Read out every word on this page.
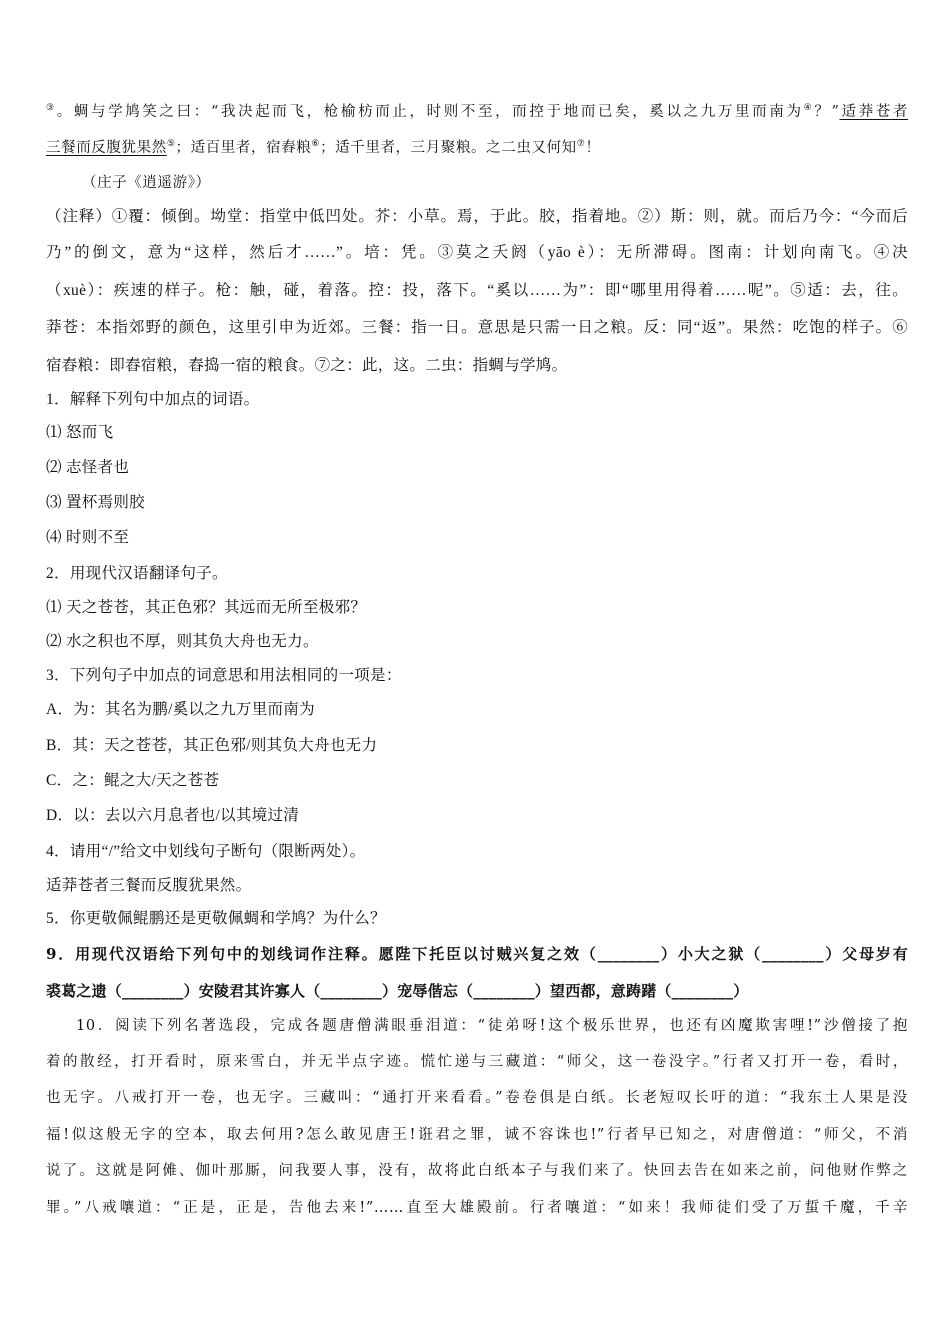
③。蜩与学鸠笑之曰：“我决起而飞，枪榆枋而止，时则不至，而控于地而已矣，奚以之九万里而南为④？”适莽苍者
三餐而反腹犹果然⑤；适百里者，宿舂粮⑥；适千里者，三月聚粮。之二虫又何知⑦！
（庄子《逍遥游》）
（注释）①覆：倾倒。坳堂：指堂中低凹处。芥：小草。焉，于此。胶，指着地。②）斯：则，就。而后乃今：“今而后
乃”的倒文，意为“这样，然后才……”。培：凭。③莫之夭阏（yāo è）：无所滞碍。图南：计划向南飞。④决
（xuè）：疾速的样子。枪：触，碰，着落。控：投，落下。“奚以……为”：即“哪里用得着……呢”。⑤适：去，往。
莽苍：本指郊野的颜色，这里引申为近郊。三餐：指一日。意思是只需一日之粮。反：同“返”。果然：吃饱的样子。⑥
宿舂粮：即舂宿粮，舂捣一宿的粮食。⑦之：此，这。二虫：指蜩与学鸠。
1．解释下列句中加点的词语。
⑴ 怒而飞
⑵ 志怪者也
⑶ 置杯焉则胶
⑷ 时则不至
2．用现代汉语翻译句子。
⑴ 天之苍苍，其正色邪？其远而无所至极邪？
⑵ 水之积也不厚，则其负大舟也无力。
3．下列句子中加点的词意思和用法相同的一项是：
A．为：其名为鹏/奚以之九万里而南为
B．其：天之苍苍，其正色邪/则其负大舟也无力
C．之：鲲之大/天之苍苍
D．以：去以六月息者也/以其境过清
4．请用“/”给文中划线句子断句（限断两处）。
适莽苍者三餐而反腹犹果然。
5．你更敬佩鲲鹏还是更敬佩蜩和学鸠？为什么？
9．用现代汉语给下列句中的划线词作注释。愿陛下托臣以讨贼兴复之效（________）小大之狱（________）父母岁有
裘葛之遗（________）安陵君其许寡人（________）宠辱偕忘（________）望西都，意踌躇（________）
10．阅读下列名著选段，完成各题唐僧满眼垂泪道：“徒弟呀!这个极乐世界，也还有凶魔欺害哩!”沙僧接了抱
着的散经，打开看时，原来雪白，并无半点字迹。慌忙递与三藏道：“师父，这一卷没字。”行者又打开一卷，看时，
也无字。八戒打开一卷，也无字。三藏叫：“通打开来看看。”卷卷俱是白纸。长老短叹长吁的道：“我东土人果是没
福!似这般无字的空本，取去何用?怎么敢见唐王!诳君之罪，诚不容诛也!”行者早已知之，对唐僧道：“师父，不消
说了。这就是阿傩、伽叶那厮，问我要人事，没有，故将此白纸本子与我们来了。快回去告在如来之前，问他财作弊之
罪。”八戒嚷道：“正是，正是，告他去来!”……直至大雄殿前。行者嚷道：“如来！我师徒们受了万蜇千魔，千辛
